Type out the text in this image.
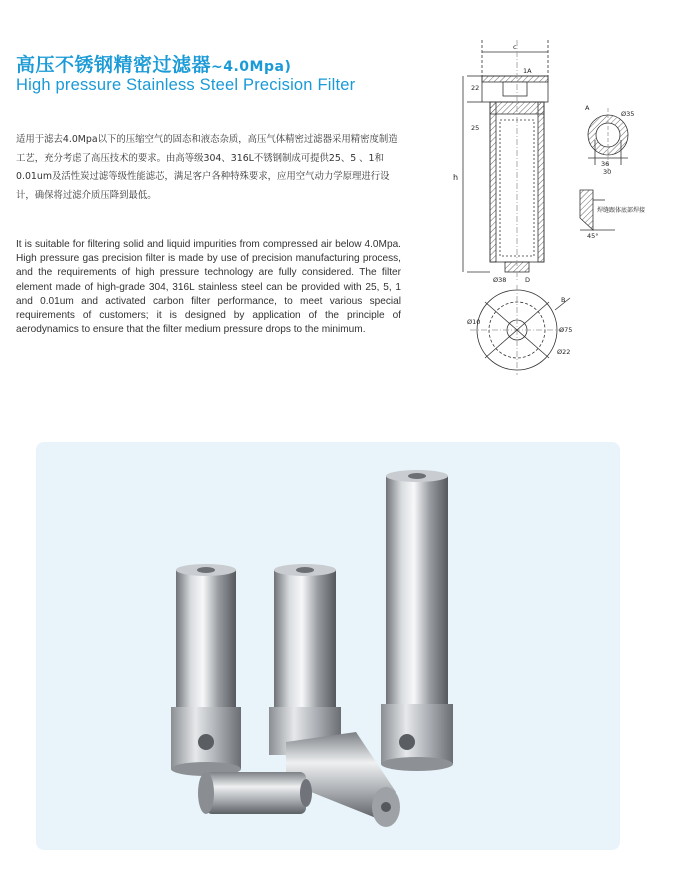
高压不锈钢精密过滤器~4.0Mpa)
High pressure Stainless Steel Precision Filter

适用于滤去4.0Mpa以下的压缩空气的固态和液态杂质，高压气体精密过滤器采用精密度制造工艺，充分考虑了高压技术的要求。由高等级304、316L不锈钢制成可提供25、5 、1和0.01um及活性炭过滤等级性能滤芯，满足客户各种特殊要求，应用空气动力学原理进行设计，确保将过滤介质压降到最低。

It is suitable for filtering solid and liquid impurities from compressed air below 4.0Mpa. High pressure gas precision filter is made by use of precision manufacturing process, and the requirements of high pressure technology are fully considered. The filter element made of high-grade 304, 316L stainless steel can be provided with 25, 5, 1 and 0.01um and activated carbon filter performance, to meet various special requirements of customers; it is designed by application of the principle of aerodynamics to ensure that the filter medium pressure drops to the minimum.

c
1A
22
25
h
Ø38	D
A
Ø35
36
30
焊缝跟体底部焊接
45°
B
Ø10
Ø75
Ø22
